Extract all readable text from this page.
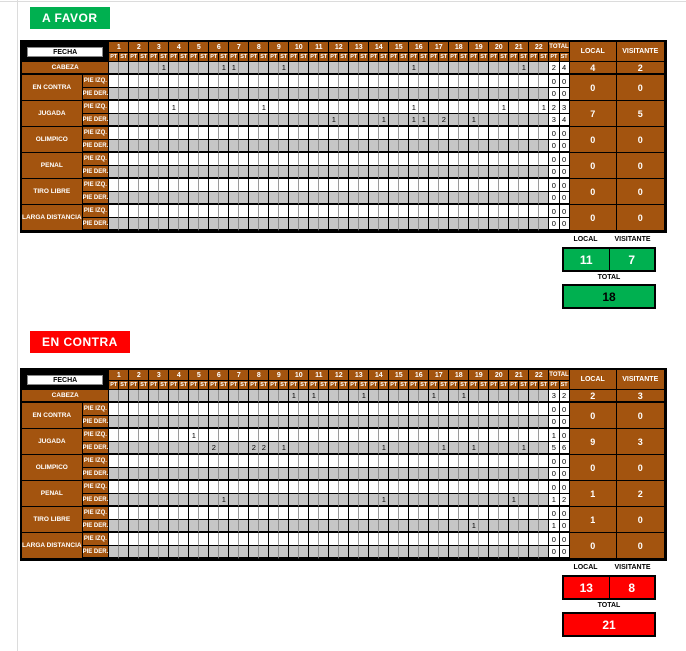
A FAVOR
FECHA		1		2		3		4		5		6		7		8		9		10		11		12		13		14		15		16		17		18		19		20		21		22		TOTAL		LOCAL	VISITANTE
		PT	ST	PT	ST	PT	ST	PT	ST	PT	ST	PT	ST	PT	ST	PT	ST	PT	ST	PT	ST	PT	ST	PT	ST	PT	ST	PT	ST	PT	ST	PT	ST	PT	ST	PT	ST	PT	ST	PT	ST	PT	ST	PT	ST	PT	ST		
CABEZA							1						1	1					1													1											1			2	4	4	2
EN CONTRA	PIE IZQ.																																													0	0	0	0
	PIE DER.																																													0	0		
JUGADA	PIE IZQ.							1									1															1									1				1	2	3	7	5
	PIE DER.																							1					1			1	1		2			1								3	4		
OLIMPICO	PIE IZQ.																																													0	0	0	0
	PIE DER.																																													0	0		
PENAL	PIE IZQ.																																													0	0	0	0
	PIE DER.																																													0	0		
TIRO LIBRE	PIE IZQ.																																													0	0	0	0
	PIE DER.																																													0	0		
LARGA DISTANCIA	PIE IZQ.																																													0	0	0	0
	PIE DER.																																													0	0		
LOCAL	VISITANTE
11	7
TOTAL
18
EN CONTRA
FECHA		1		2		3		4		5		6		7		8		9		10		11		12		13		14		15		16		17		18		19		20		21		22		TOTAL		LOCAL	VISITANTE
		PT	ST	PT	ST	PT	ST	PT	ST	PT	ST	PT	ST	PT	ST	PT	ST	PT	ST	PT	ST	PT	ST	PT	ST	PT	ST	PT	ST	PT	ST	PT	ST	PT	ST	PT	ST	PT	ST	PT	ST	PT	ST	PT	ST	PT	ST		
CABEZA																				1		1					1							1			1									3	2	2	3
EN CONTRA	PIE IZQ.																																													0	0	0	0
	PIE DER.																																													0	0		
JUGADA	PIE IZQ.									1																																				1	0	9	3
	PIE DER.											2				2	2		1										1						1			1					1			5	6		
OLIMPICO	PIE IZQ.																																													0	0	0	0
	PIE DER.																																													0	0		
PENAL	PIE IZQ.																																													0	0	1	2
	PIE DER.												1																1													1				1	2		
TIRO LIBRE	PIE IZQ.																																													0	0	1	0
	PIE DER.																																					1								1	0		
LARGA DISTANCIA	PIE IZQ.																																													0	0	0	0
	PIE DER.																																													0	0		
LOCAL	VISITANTE
13	8
TOTAL
21
